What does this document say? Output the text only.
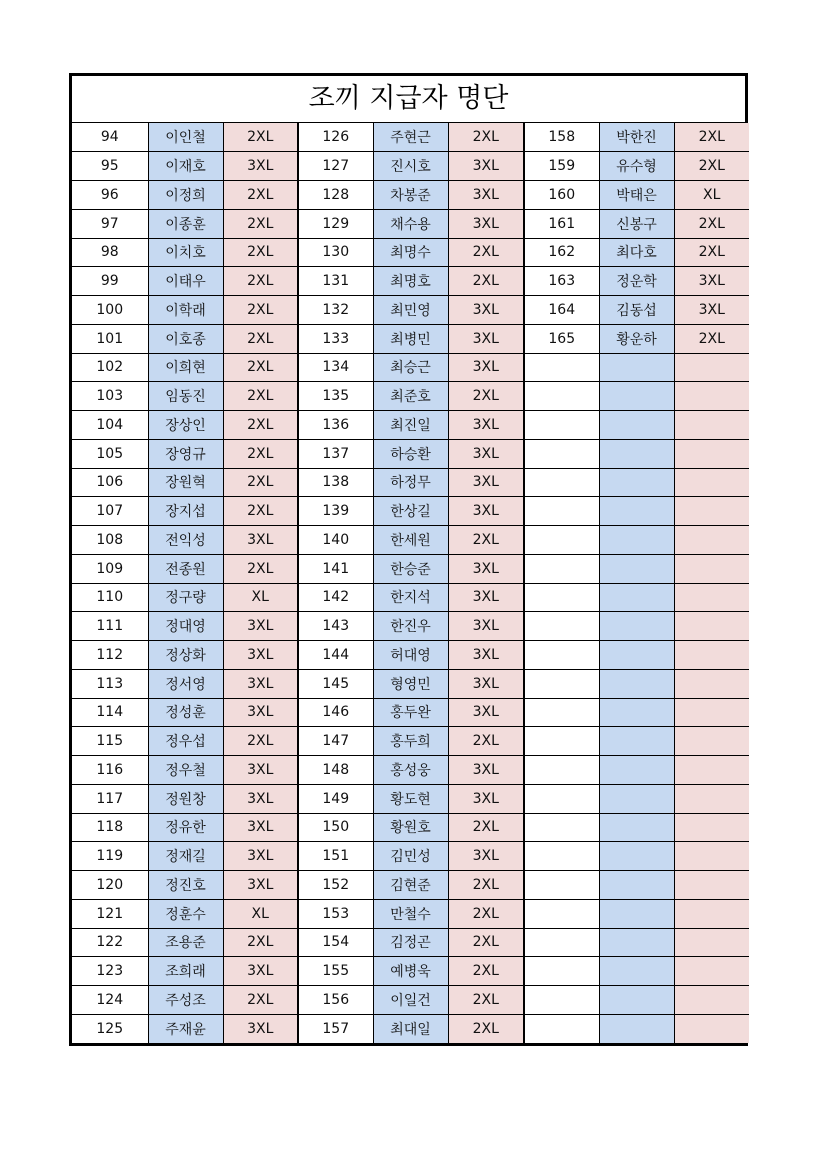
조끼 지급자 명단
94	이인철	2XL	126	주현근	2XL	158	박한진	2XL
95	이재호	3XL	127	진시호	3XL	159	유수형	2XL
96	이정희	2XL	128	차봉준	3XL	160	박태은	XL
97	이종훈	2XL	129	채수용	3XL	161	신봉구	2XL
98	이치호	2XL	130	최명수	2XL	162	최다호	2XL
99	이태우	2XL	131	최명호	2XL	163	정운학	3XL
100	이학래	2XL	132	최민영	3XL	164	김동섭	3XL
101	이호종	2XL	133	최병민	3XL	165	황운하	2XL
102	이희현	2XL	134	최승근	3XL			
103	임동진	2XL	135	최준호	2XL			
104	장상인	2XL	136	최진일	3XL			
105	장영규	2XL	137	하승환	3XL			
106	장원혁	2XL	138	하정무	3XL			
107	장지섭	2XL	139	한상길	3XL			
108	전익성	3XL	140	한세원	2XL			
109	전종원	2XL	141	한승준	3XL			
110	정구량	XL	142	한지석	3XL			
111	정대영	3XL	143	한진우	3XL			
112	정상화	3XL	144	허대영	3XL			
113	정서영	3XL	145	형영민	3XL			
114	정성훈	3XL	146	홍두완	3XL			
115	정우섭	2XL	147	홍두희	2XL			
116	정우철	3XL	148	홍성웅	3XL			
117	정원창	3XL	149	황도현	3XL			
118	정유한	3XL	150	황원호	2XL			
119	정재길	3XL	151	김민성	3XL			
120	정진호	3XL	152	김현준	2XL			
121	정훈수	XL	153	만철수	2XL			
122	조용준	2XL	154	김정곤	2XL			
123	조희래	3XL	155	예병욱	2XL			
124	주성조	2XL	156	이일건	2XL			
125	주재윤	3XL	157	최대일	2XL			
